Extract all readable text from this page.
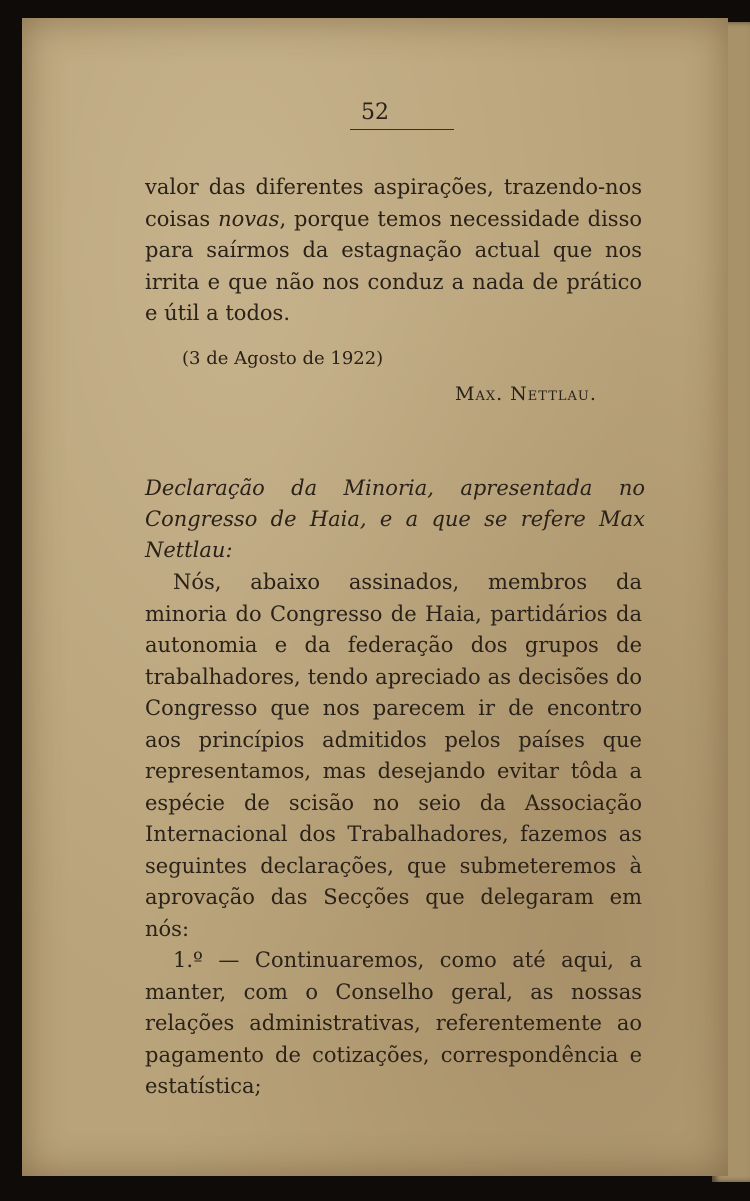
52

valor das diferentes aspirações, trazendo-nos coisas novas, porque temos necessidade disso para saírmos da estagnação actual que nos irrita e que não nos conduz a nada de prático e útil a todos.

(3 de Agosto de 1922)
Max. Nettlau.
Declaração da Minoria, apresentada no Congresso de Haia, e a que se refere Max Nettlau:

Nós, abaixo assinados, membros da minoria do Congresso de Haia, partidários da autonomia e da federação dos grupos de trabalhadores, tendo apreciado as decisões do Congresso que nos parecem ir de encontro aos princípios admitidos pelos países que representamos, mas desejando evitar tôda a espécie de scisão no seio da Associação Internacional dos Trabalhadores, fazemos as seguintes declarações, que submeteremos à aprovação das Secções que delegaram em nós:

1.º — Continuaremos, como até aqui, a manter, com o Conselho geral, as nossas relações administrativas, referentemente ao pagamento de cotizações, correspondência e estatística;
